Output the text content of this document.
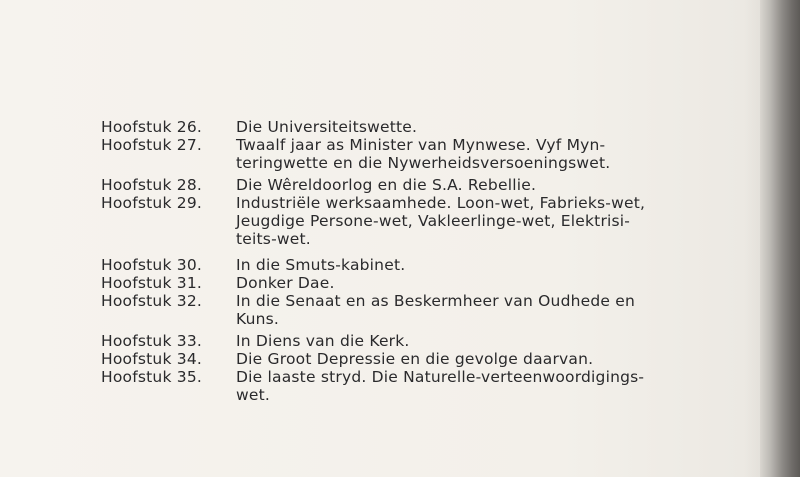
Hoofstuk 26.	Die Universiteitswette.
Hoofstuk 27.	Twaalf jaar as Minister van Mynwese. Vyf Myn-
teringwette en die Nywerheidsversoeningswet.
Hoofstuk 28.	Die Wêreldoorlog en die S.A. Rebellie.
Hoofstuk 29.	Industriële werksaamhede. Loon-wet, Fabrieks-wet,
Jeugdige Persone-wet, Vakleerlinge-wet, Elektrisi-
teits-wet.
Hoofstuk 30.	In die Smuts-kabinet.
Hoofstuk 31.	Donker Dae.
Hoofstuk 32.	In die Senaat en as Beskermheer van Oudhede en
Kuns.
Hoofstuk 33.	In Diens van die Kerk.
Hoofstuk 34.	Die Groot Depressie en die gevolge daarvan.
Hoofstuk 35.	Die laaste stryd. Die Naturelle-verteenwoordigings-
wet.
